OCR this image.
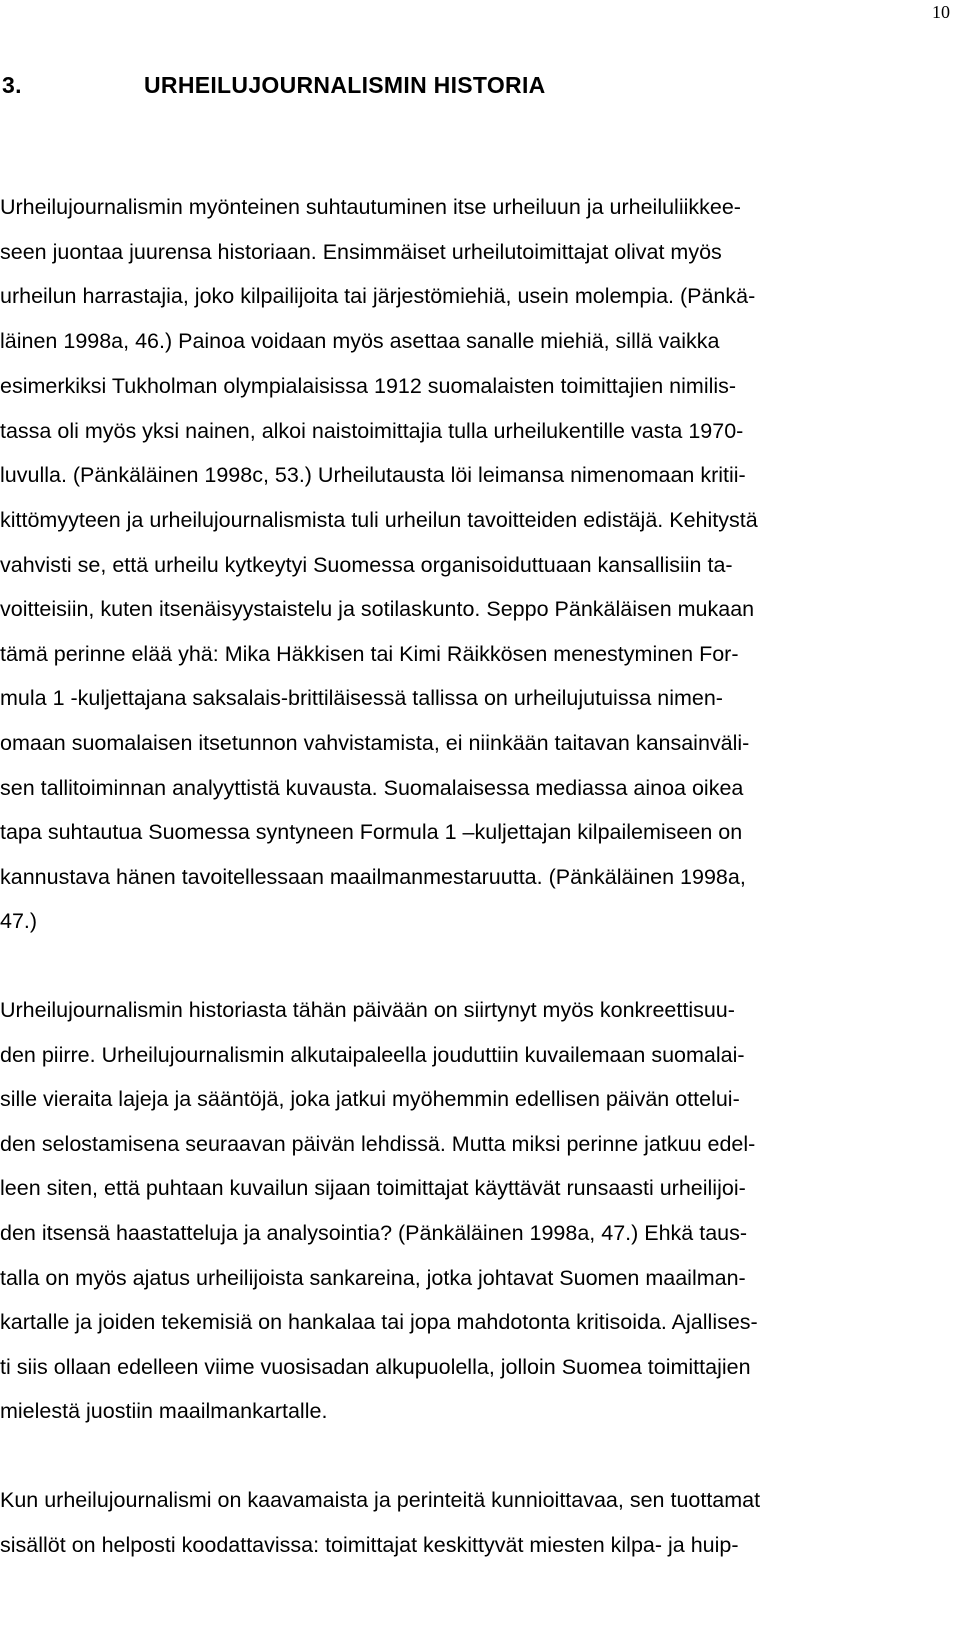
10
3.	URHEILUJOURNALISMIN HISTORIA
Urheilujournalismin myönteinen suhtautuminen itse urheiluun ja urheiluliikkee-
seen juontaa juurensa historiaan. Ensimmäiset urheilutoimittajat olivat myös
urheilun harrastajia, joko kilpailijoita tai järjestömiehiä, usein molempia. (Pänkä-
läinen 1998a, 46.) Painoa voidaan myös asettaa sanalle miehiä, sillä vaikka
esimerkiksi Tukholman olympialaisissa 1912 suomalaisten toimittajien nimilis-
tassa oli myös yksi nainen, alkoi naistoimittajia tulla urheilukentille vasta 1970-
luvulla. (Pänkäläinen 1998c, 53.) Urheilutausta löi leimansa nimenomaan kritii-
kittömyyteen ja urheilujournalismista tuli urheilun tavoitteiden edistäjä. Kehitystä
vahvisti se, että urheilu kytkeytyi Suomessa organisoiduttuaan kansallisiin ta-
voitteisiin, kuten itsenäisyystaistelu ja sotilaskunto. Seppo Pänkäläisen mukaan
tämä perinne elää yhä: Mika Häkkisen tai Kimi Räikkösen menestyminen For-
mula 1 -kuljettajana saksalais-brittiläisessä tallissa on urheilujutuissa nimen-
omaan suomalaisen itsetunnon vahvistamista, ei niinkään taitavan kansainväli-
sen tallitoiminnan analyyttistä kuvausta. Suomalaisessa mediassa ainoa oikea
tapa suhtautua Suomessa syntyneen Formula 1 –kuljettajan kilpailemiseen on
kannustava hänen tavoitellessaan maailmanmestaruutta. (Pänkäläinen 1998a,
47.)
Urheilujournalismin historiasta tähän päivään on siirtynyt myös konkreettisuu-
den piirre. Urheilujournalismin alkutaipaleella jouduttiin kuvailemaan suomalai-
sille vieraita lajeja ja sääntöjä, joka jatkui myöhemmin edellisen päivän ottelui-
den selostamisena seuraavan päivän lehdissä. Mutta miksi perinne jatkuu edel-
leen siten, että puhtaan kuvailun sijaan toimittajat käyttävät runsaasti urheilijoi-
den itsensä haastatteluja ja analysointia? (Pänkäläinen 1998a, 47.) Ehkä taus-
talla on myös ajatus urheilijoista sankareina, jotka johtavat Suomen maailman-
kartalle ja joiden tekemisiä on hankalaa tai jopa mahdotonta kritisoida. Ajallises-
ti siis ollaan edelleen viime vuosisadan alkupuolella, jolloin Suomea toimittajien
mielestä juostiin maailmankartalle.
Kun urheilujournalismi on kaavamaista ja perinteitä kunnioittavaa, sen tuottamat
sisällöt on helposti koodattavissa: toimittajat keskittyvät miesten kilpa- ja huip-
